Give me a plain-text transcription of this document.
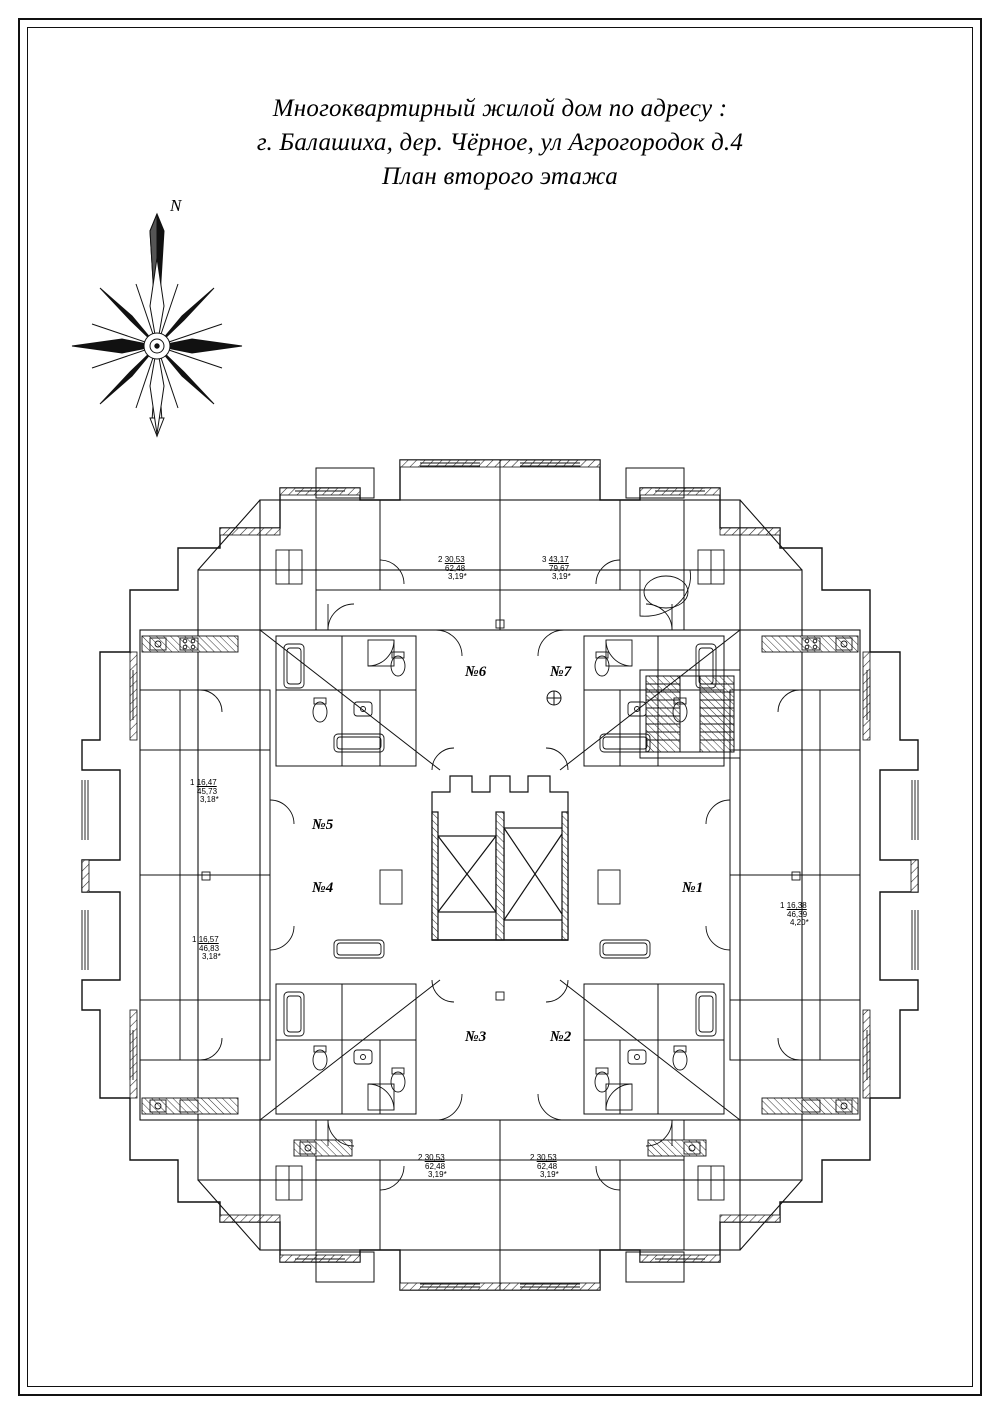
Многоквартирный жилой дом по адресу :
г. Балашиха, дер. Чёрное, ул Агрогородок д.4
План второго этажа
N
№1
№2
№3
№4
№5
№6	№7
2 30,53
62,48
3,19*
3 43,17
79,67
3,19*
1 16,47
45,73
3,18*
1 16,57
46,83
3,18*
1 16,38
46,39
4,20*
2 30,53
62,48
3,19*
2 30,53
62,48
3,19*
